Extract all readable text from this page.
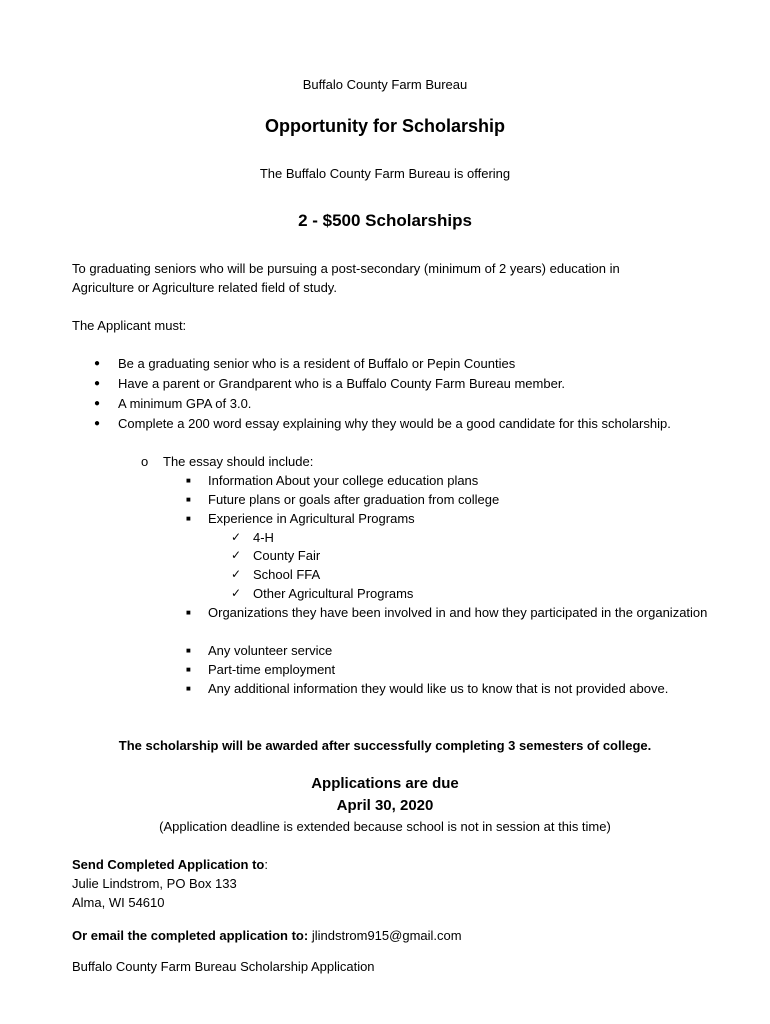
Buffalo County Farm Bureau
Opportunity for Scholarship
The Buffalo County Farm Bureau is offering
2 - $500 Scholarships
To graduating seniors who will be pursuing a post-secondary (minimum of 2 years) education in Agriculture or Agriculture related field of study.
The Applicant must:
● Be a graduating senior who is a resident of Buffalo or Pepin Counties
● Have a parent or Grandparent who is a Buffalo County Farm Bureau member.
● A minimum GPA of 3.0.
● Complete a 200 word essay explaining why they would be a good candidate for this scholarship.
o The essay should include:
■ Information About your college education plans
■ Future plans or goals after graduation from college
■ Experience in Agricultural Programs
✓ 4-H
✓ County Fair
✓ School FFA
✓ Other Agricultural Programs
■ Organizations they have been involved in and how they participated in the organization
■ Any volunteer service
■ Part-time employment
■ Any additional information they would like us to know that is not provided above.
The scholarship will be awarded after successfully completing 3 semesters of college.
Applications are due
April 30, 2020
(Application deadline is extended because school is not in session at this time)
Send Completed Application to:
Julie Lindstrom, PO Box 133
Alma, WI 54610
Or email the completed application to: jlindstrom915@gmail.com
Buffalo County Farm Bureau Scholarship Application
